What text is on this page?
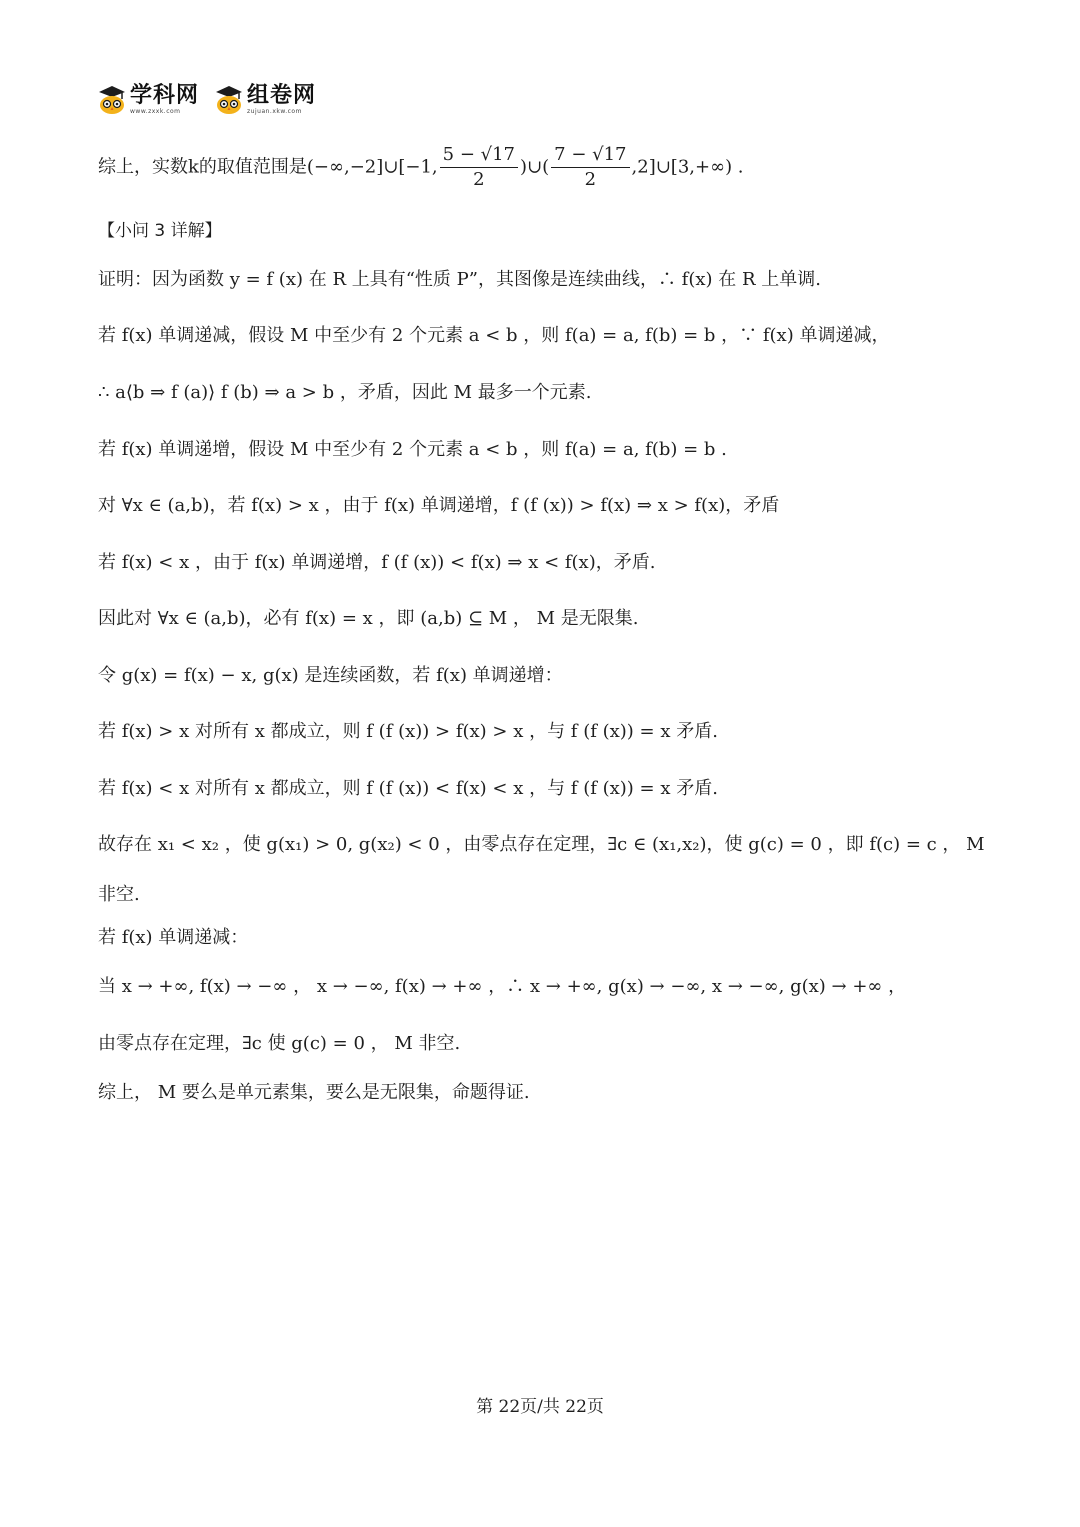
学科网
www.zxxk.com
组卷网
zujuan.xkw.com
综上，实数k的取值范围是(−∞,−2]∪[−1, $\frac{5 - √17}{2}$ )∪( $\frac{7 - √17}{2}$ ,2]∪[3,+∞) .
【小问 3 详解】
证明：因为函数 y = f (x) 在 R 上具有“性质 P”，其图像是连续曲线，∴ f(x) 在 R 上单调.
若 f(x) 单调递减，假设 M 中至少有 2 个元素 a < b ，则 f(a) = a, f(b) = b ，∵ f(x) 单调递减，
∴ a⟨b ⇒ f (a)⟩ f (b) ⇒ a > b ，矛盾，因此 M 最多一个元素.
若 f(x) 单调递增，假设 M 中至少有 2 个元素 a < b ，则 f(a) = a, f(b) = b .
对 ∀x ∈ (a,b)，若 f(x) > x ，由于 f(x) 单调递增，f (f (x)) > f(x) ⇒ x > f(x)，矛盾
若 f(x) < x ，由于 f(x) 单调递增，f (f (x)) < f(x) ⇒ x < f(x)，矛盾.
因此对 ∀x ∈ (a,b)，必有 f(x) = x ，即 (a,b) ⊆ M ， M 是无限集.
令 g(x) = f(x) − x, g(x) 是连续函数，若 f(x) 单调递增：
若 f(x) > x 对所有 x 都成立，则 f (f (x)) > f(x) > x ，与 f (f (x)) = x 矛盾.
若 f(x) < x 对所有 x 都成立，则 f (f (x)) < f(x) < x ，与 f (f (x)) = x 矛盾.
故存在 x₁ < x₂ ，使 g(x₁) > 0, g(x₂) < 0 ，由零点存在定理，∃c ∈ (x₁,x₂)，使 g(c) = 0 ，即 f(c) = c ， M
非空.
若 f(x) 单调递减：
当 x → +∞, f(x) → −∞ ， x → −∞, f(x) → +∞ ，∴ x → +∞, g(x) → −∞, x → −∞, g(x) → +∞ ，
由零点存在定理，∃c 使 g(c) = 0 ， M 非空.
综上， M 要么是单元素集，要么是无限集，命题得证.
第 22页/共 22页
